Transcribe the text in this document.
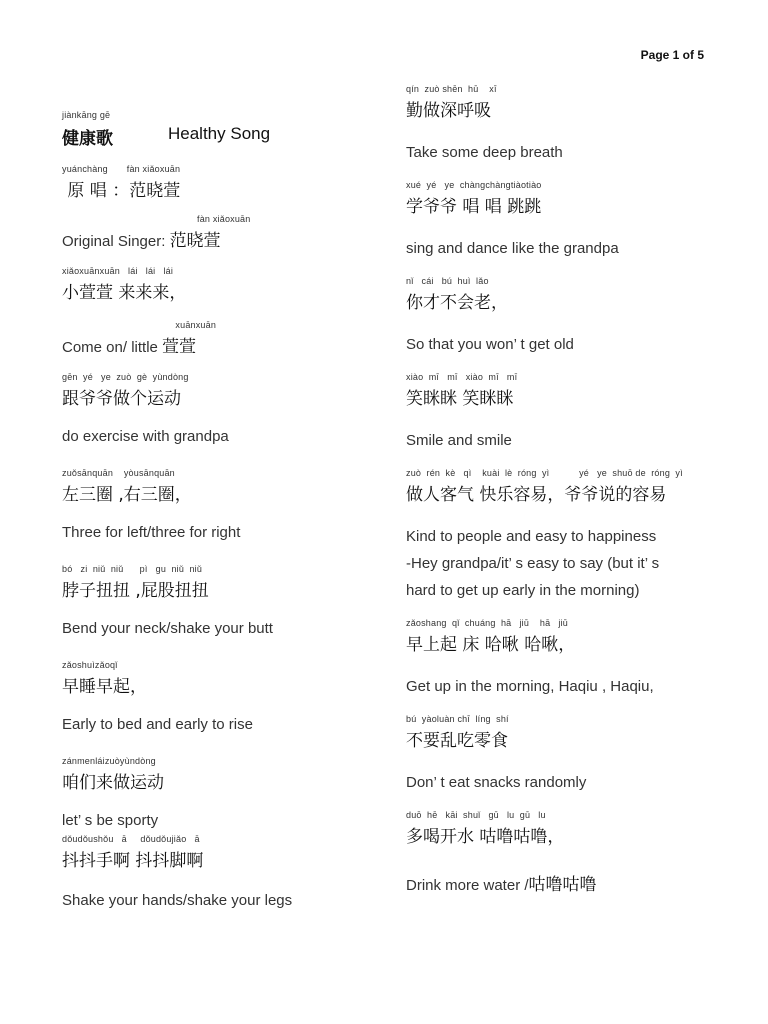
Page 1 of 5
jiànkāng gē
健康歌	Healthy Song
yuánchàng       fàn xiǎoxuān
原 唱 ：范晓萱
fàn xiǎoxuān
Original Singer: 范晓萱
xiǎoxuānxuān   lái   lái   lái
小萱萱 来来来，
xuānxuān
Come on/ little 萱萱
gēn  yé   ye  zuò  gè  yùndòng
跟爷爷做个运动
do exercise with grandpa
zuǒsānquān    yòusānquān
左三圈 ,右三圈，
Three for left/three for right
bó   zi  niǔ  niǔ      pì   gu  niǔ  niǔ
脖子扭扭 ,屁股扭扭
Bend your neck/shake your butt
zǎoshuìzǎoqǐ
早睡早起，
Early to bed and early to rise
zánmenláizuòyùndòng
咱们来做运动
let’ s be sporty
dǒudǒushǒu   ā     dǒudǒujiǎo   ā
抖抖手啊 抖抖脚啊
Shake your hands/shake your legs
qín  zuò shēn  hū    xī
勤做深呼吸
Take some deep breath
xué  yé   ye  chàngchàngtiàotiào
学爷爷 唱 唱 跳跳
sing and dance like the grandpa
nǐ   cái   bú  huì  lǎo
你才不会老，
So that you won’ t get old
xiào  mī   mī   xiào  mī   mī
笑眯眯 笑眯眯
Smile and smile
zuò  rén  kè   qì    kuài  lè  róng  yì           yé   ye  shuō de  róng  yì
做人客气 快乐容易，爷爷说的容易
Kind to people and easy to happiness
-Hey grandpa/it’ s easy to say (but it’ s
hard to get up early in the morning)
zǎoshang  qǐ  chuáng  hā   jiū    hā   jiū
早上起 床 哈啾 哈啾，
Get up in the morning, Haqiu , Haqiu,
bú  yàoluàn chī  líng  shí
不要乱吃零食
Don’ t eat snacks randomly
duō  hē   kāi  shuǐ   gū   lu  gū   lu
多喝开水 咕噜咕噜，
Drink more water /咕噜咕噜
